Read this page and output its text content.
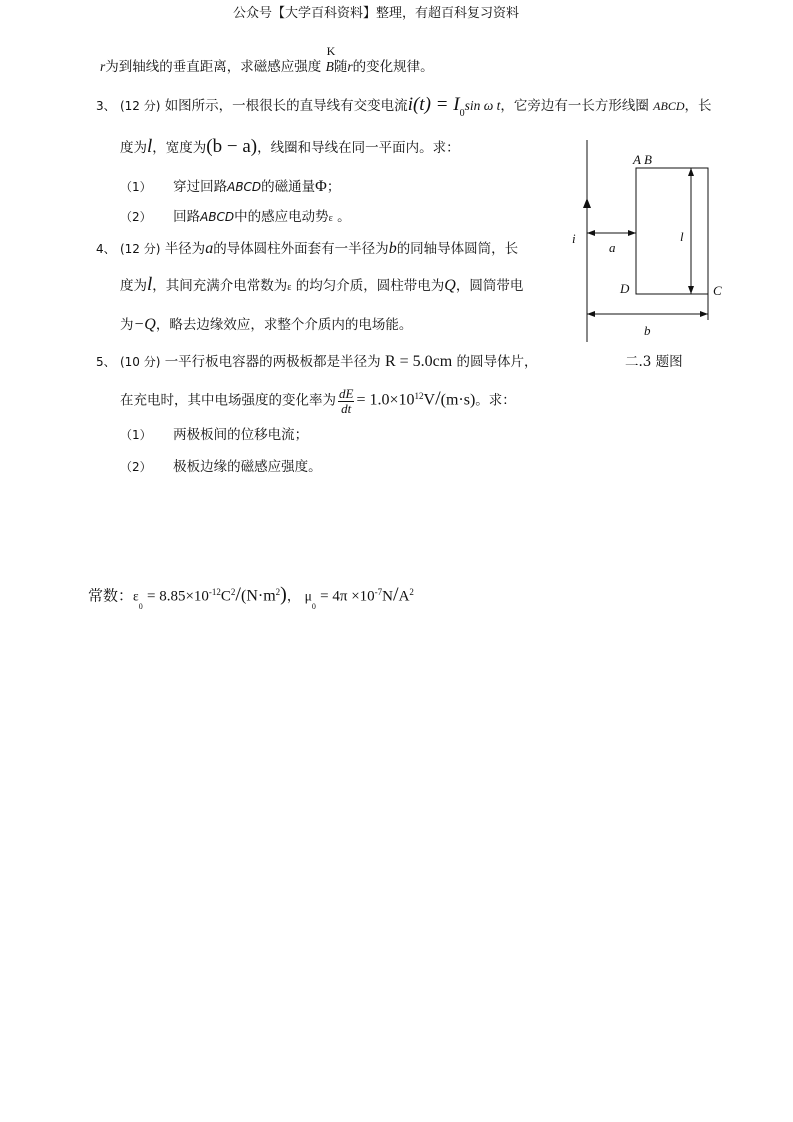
公众号【大学百科资料】整理，有超百科复习资料
r为到轴线的垂直距离，求磁感应强度
K
B随r的变化规律。
3、 (12 分) 如图所示，一根很长的直导线有交变电流$i(t) = I_0\sin$ ω t，它旁边有一长方形线圈 ABCD，长
度为l，宽度为(b − a)，线圈和导线在同一平面内。求：
（1） 穿过回路ABCD的磁通量Φ；
（2） 回路ABCD中的感应电动势ε 。
4、 (12 分) 半径为a的导体圆柱外面套有一半径为b的同轴导体圆筒，长
度为l，其间充满介电常数为ε 的均匀介质，圆柱带电为Q，圆筒带电
为−Q，略去边缘效应，求整个介质内的电场能。
5、 (10 分) 一平行板电容器的两极板都是半径为 R = 5.0cm 的圆导体片，
在充电时，其中电场强度的变化率为 $\frac{dE}{dt} = 1.0\times 10^{12}V/(m\cdot s)$。求：
（1） 两极板间的位移电流；
（2） 极板边缘的磁感应强度。
常数：$\varepsilon_0 = 8.85\times 10^{-12}C^2/(N\cdot m^2)$， $\mu_0 = 4\pi \times 10^{-7}N/A^2$
i
a
A B
D	C
l
b
二.3 题图
